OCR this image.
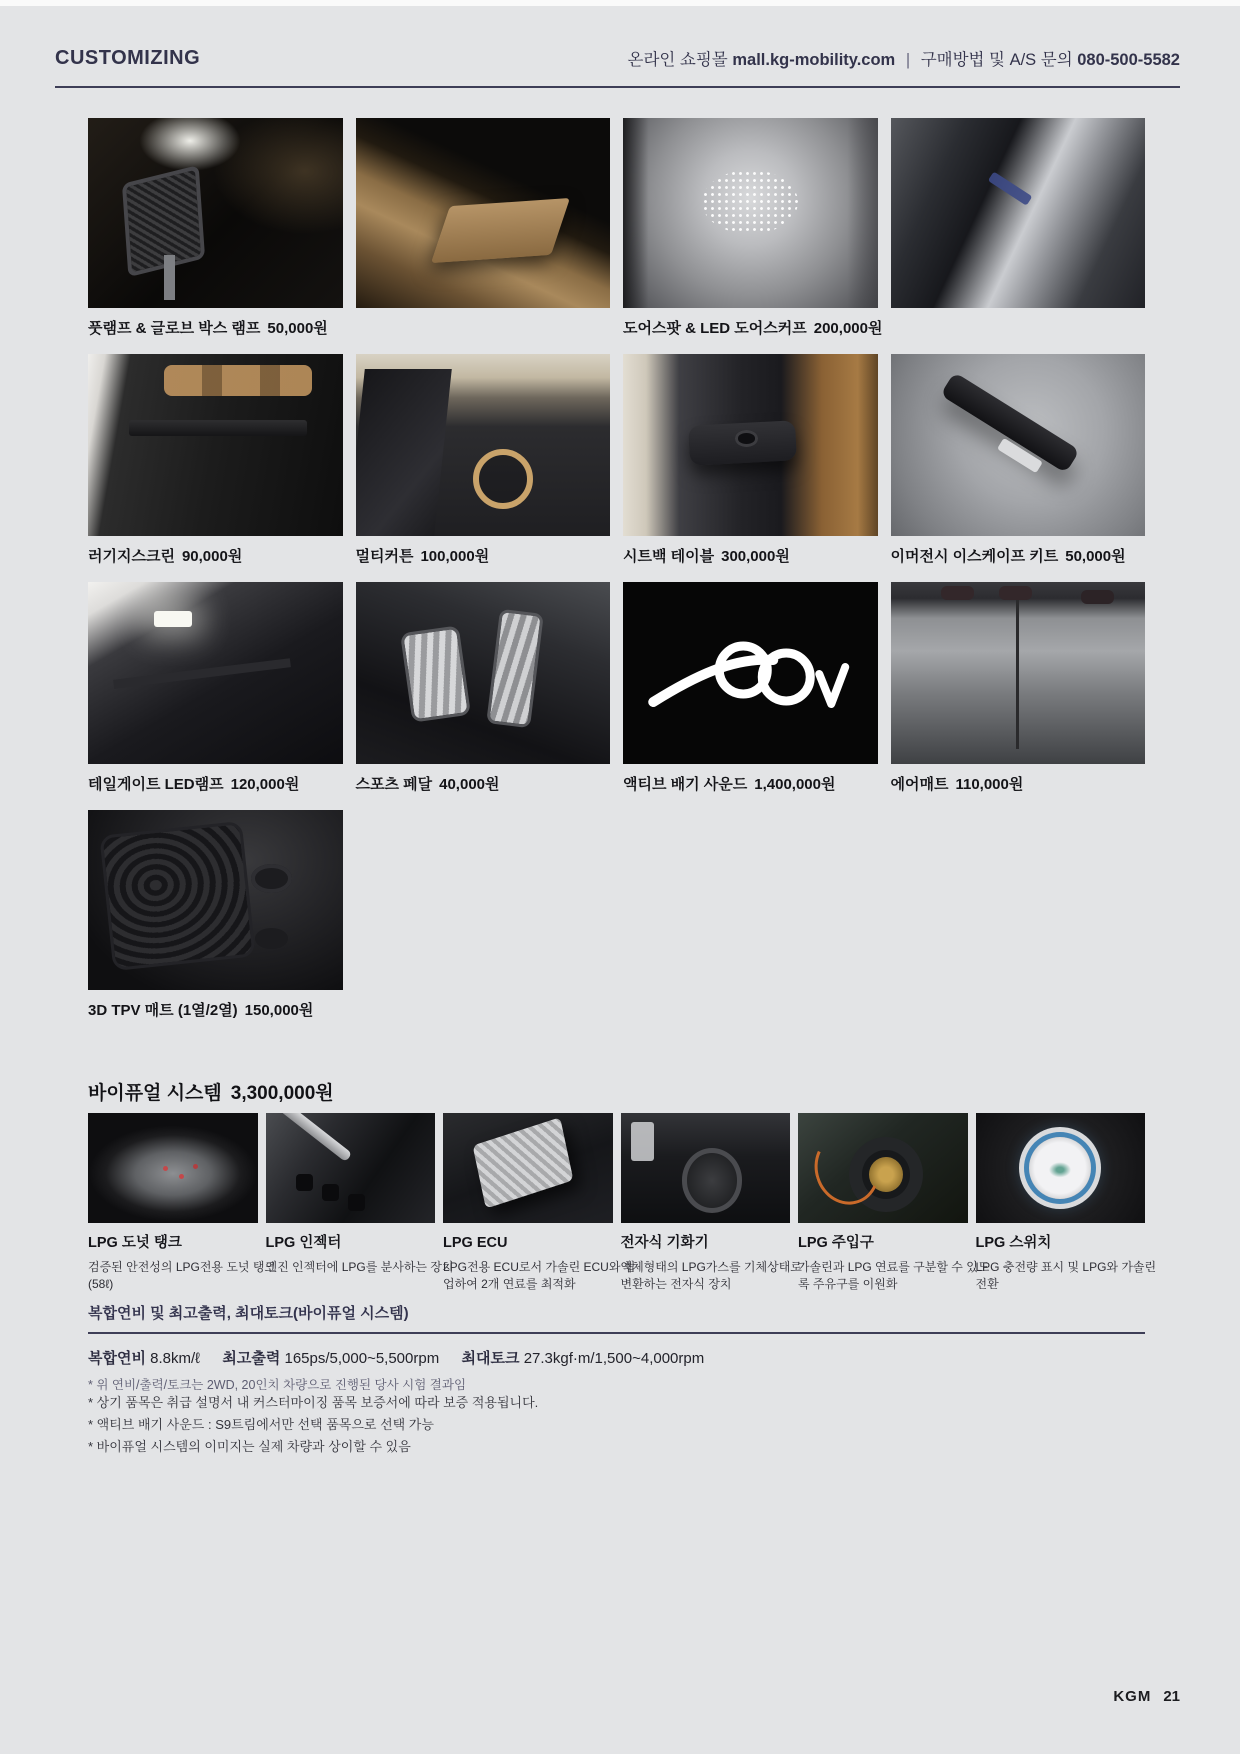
CUSTOMIZING	온라인 쇼핑몰 mall.kg-mobility.com | 구매방법 및 A/S 문의 080-500-5582
풋램프 & 글로브 박스 램프 50,000원	도어스팟 & LED 도어스커프 200,000원
러기지스크린 90,000원	멀티커튼 100,000원	시트백 테이블 300,000원	이머전시 이스케이프 키트 50,000원
테일게이트 LED램프 120,000원	스포츠 페달 40,000원	액티브 배기 사운드 1,400,000원	에어매트 110,000원
3D TPV 매트 (1열/2열) 150,000원
바이퓨얼 시스템 3,300,000원
LPG 도넛 탱크
검증된 안전성의 LPG전용 도넛 탱크(58ℓ)
LPG 인젝터
엔진 인젝터에 LPG를 분사하는 장치
LPG ECU
LPG전용 ECU로서 가솔린 ECU와 협업하여 2개 연료를 최적화
전자식 기화기
액체형태의 LPG가스를 기체상태로 변환하는 전자식 장치
LPG 주입구
가솔린과 LPG 연료를 구분할 수 있도록 주유구를 이원화
LPG 스위치
LPG 충전량 표시 및 LPG와 가솔린 전환
복합연비 및 최고출력, 최대토크(바이퓨얼 시스템)
복합연비 8.8km/ℓ 최고출력 165ps/5,000~5,500rpm 최대토크 27.3kgf·m/1,500~4,000rpm
* 위 연비/출력/토크는 2WD, 20인치 차량으로 진행된 당사 시험 결과임
* 상기 품목은 취급 설명서 내 커스터마이징 품목 보증서에 따라 보증 적용됩니다.
* 액티브 배기 사운드 : S9트림에서만 선택 품목으로 선택 가능
* 바이퓨얼 시스템의 이미지는 실제 차량과 상이할 수 있음
KGM 21
